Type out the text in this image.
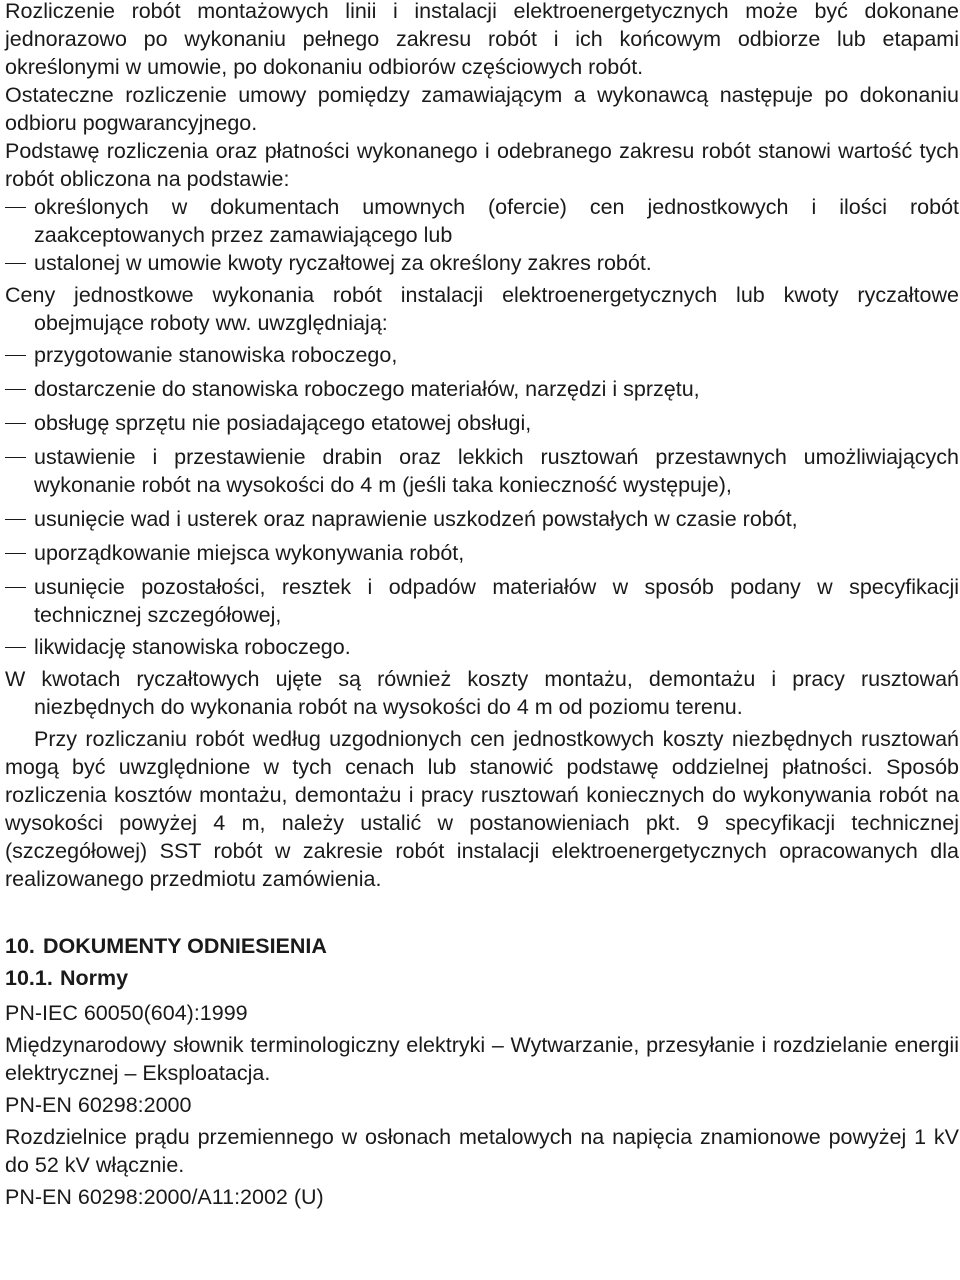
Rozliczenie robót montażowych linii i instalacji elektroenergetycznych może być dokonane jednorazowo po wykonaniu pełnego zakresu robót i ich końcowym odbiorze lub etapami określonymi w umowie, po dokonaniu odbiorów częściowych robót.

Ostateczne rozliczenie umowy pomiędzy zamawiającym a wykonawcą następuje po dokonaniu odbioru pogwarancyjnego.

Podstawę rozliczenia oraz płatności wykonanego i odebranego zakresu robót stanowi wartość tych robót obliczona na podstawie:

określonych w dokumentach umownych (ofercie) cen jednostkowych i ilości robót zaakceptowanych przez zamawiającego lub
ustalonej w umowie kwoty ryczałtowej za określony zakres robót.

Ceny jednostkowe wykonania robót instalacji elektroenergetycznych lub kwoty ryczałtowe obejmujące roboty ww. uwzględniają:

przygotowanie stanowiska roboczego,
dostarczenie do stanowiska roboczego materiałów, narzędzi i sprzętu,
obsługę sprzętu nie posiadającego etatowej obsługi,
ustawienie i przestawienie drabin oraz lekkich rusztowań przestawnych umożliwiających wykonanie robót na wysokości do 4 m (jeśli taka konieczność występuje),
usunięcie wad i usterek oraz naprawienie uszkodzeń powstałych w czasie robót,
uporządkowanie miejsca wykonywania robót,
usunięcie pozostałości, resztek i odpadów materiałów w sposób podany w specyfikacji technicznej szczegółowej,
likwidację stanowiska roboczego.

W kwotach ryczałtowych ujęte są również koszty montażu, demontażu i pracy rusztowań niezbędnych do wykonania robót na wysokości do 4 m od poziomu terenu.

Przy rozliczaniu robót według uzgodnionych cen jednostkowych koszty niezbędnych rusztowań mogą być uwzględnione w tych cenach lub stanowić podstawę oddzielnej płatności. Sposób rozliczenia kosztów montażu, demontażu i pracy rusztowań koniecznych do wykonywania robót na wysokości powyżej 4 m, należy ustalić w postanowieniach pkt. 9 specyfikacji technicznej (szczegółowej) SST robót w zakresie robót instalacji elektroenergetycznych opracowanych dla realizowanego przedmiotu zamówienia.

10. DOKUMENTY ODNIESIENIA
10.1. Normy

PN-IEC 60050(604):1999

Międzynarodowy słownik terminologiczny elektryki – Wytwarzanie, przesyłanie i rozdzielanie energii elektrycznej – Eksploatacja.

PN-EN 60298:2000

Rozdzielnice prądu przemiennego w osłonach metalowych na napięcia znamionowe powyżej 1 kV do 52 kV włącznie.

PN-EN 60298:2000/A11:2002 (U)
